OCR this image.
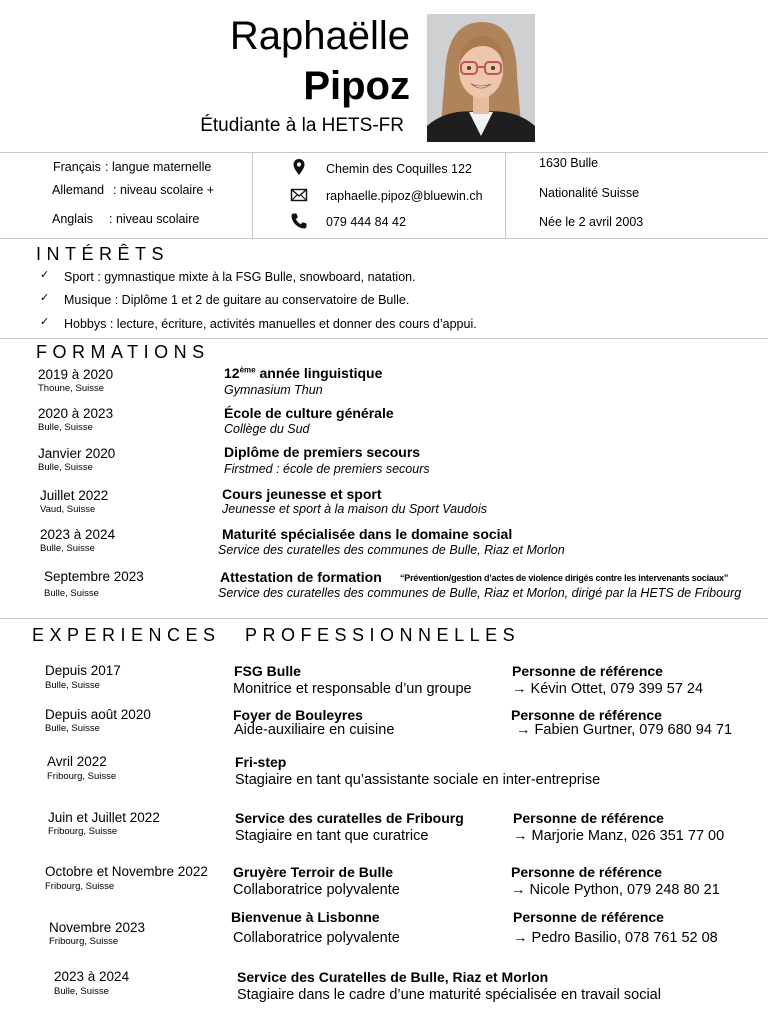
Raphaëlle
Pipoz
Étudiante à la HETS-FR
Français : langue maternelle
Allemand : niveau scolaire +
Anglais : niveau scolaire
Chemin des Coquilles 122
raphaelle.pipoz@bluewin.ch
079 444 84 42
1630 Bulle
Nationalité Suisse
Née le 2 avril 2003
INTÉRÊTS
✓ Sport : gymnastique mixte à la FSG Bulle, snowboard, natation.
✓ Musique : Diplôme 1 et 2 de guitare au conservatoire de Bulle.
✓ Hobbys : lecture, écriture, activités manuelles et donner des cours d’appui.
FORMATIONS
2019 à 2020
Thoune, Suisse
12ème année linguistique
Gymnasium Thun
2020 à 2023
Bulle, Suisse
École de culture générale
Collège du Sud
Janvier 2020
Bulle, Suisse
Diplôme de premiers secours
Firstmed : école de premiers secours
Juillet 2022
Vaud, Suisse
Cours jeunesse et sport
Jeunesse et sport à la maison du Sport Vaudois
2023 à 2024
Bulle, Suisse
Maturité spécialisée dans le domaine social
Service des curatelles des communes de Bulle, Riaz et Morlon
Septembre 2023
Bulle, Suisse
Attestation de formation “Prévention/gestion d’actes de violence dirigés contre les intervenants sociaux”
Service des curatelles des communes de Bulle, Riaz et Morlon, dirigé par la HETS de Fribourg
EXPERIENCES PROFESSIONNELLES
Depuis 2017
Bulle, Suisse
FSG Bulle
Monitrice et responsable d’un groupe
Personne de référence
→ Kévin Ottet, 079 399 57 24
Depuis août 2020
Bulle, Suisse
Foyer de Bouleyres
Aide-auxiliaire en cuisine
Personne de référence
→ Fabien Gurtner, 079 680 94 71
Avril 2022
Fribourg, Suisse
Fri-step
Stagiaire en tant qu’assistante sociale en inter-entreprise
Juin et Juillet 2022
Fribourg, Suisse
Service des curatelles de Fribourg
Stagiaire en tant que curatrice
Personne de référence
→ Marjorie Manz, 026 351 77 00
Octobre et Novembre 2022
Fribourg, Suisse
Gruyère Terroir de Bulle
Collaboratrice polyvalente
Personne de référence
→ Nicole Python, 079 248 80 21
Novembre 2023
Fribourg, Suisse
Bienvenue à Lisbonne
Collaboratrice polyvalente
Personne de référence
→ Pedro Basilio, 078 761 52 08
2023 à 2024
Bulle, Suisse
Service des Curatelles de Bulle, Riaz et Morlon
Stagiaire dans le cadre d’une maturité spécialisée en travail social
